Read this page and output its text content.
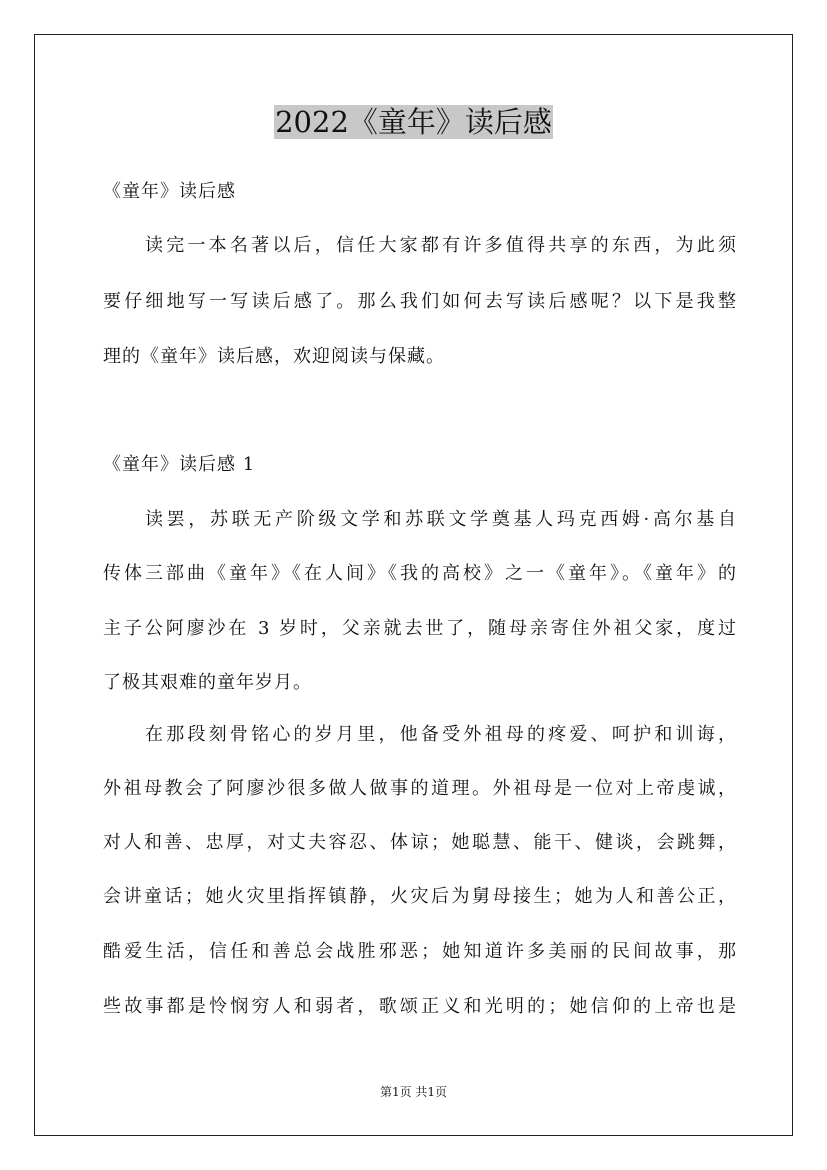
2022《童年》读后感
《童年》读后感
读完一本名著以后，信任大家都有许多值得共享的东西，为此须
要仔细地写一写读后感了。那么我们如何去写读后感呢？以下是我整
理的《童年》读后感，欢迎阅读与保藏。
《童年》读后感 1
读罢，苏联无产阶级文学和苏联文学奠基人玛克西姆·高尔基自
传体三部曲《童年》《在人间》《我的高校》之一《童年》。《童年》的
主子公阿廖沙在 3 岁时，父亲就去世了，随母亲寄住外祖父家，度过
了极其艰难的童年岁月。
在那段刻骨铭心的岁月里，他备受外祖母的疼爱、呵护和训诲，
外祖母教会了阿廖沙很多做人做事的道理。外祖母是一位对上帝虔诚，
对人和善、忠厚，对丈夫容忍、体谅；她聪慧、能干、健谈，会跳舞，
会讲童话；她火灾里指挥镇静，火灾后为舅母接生；她为人和善公正，
酷爱生活，信任和善总会战胜邪恶；她知道许多美丽的民间故事，那
些故事都是怜悯穷人和弱者，歌颂正义和光明的；她信仰的上帝也是
第1页 共1页
